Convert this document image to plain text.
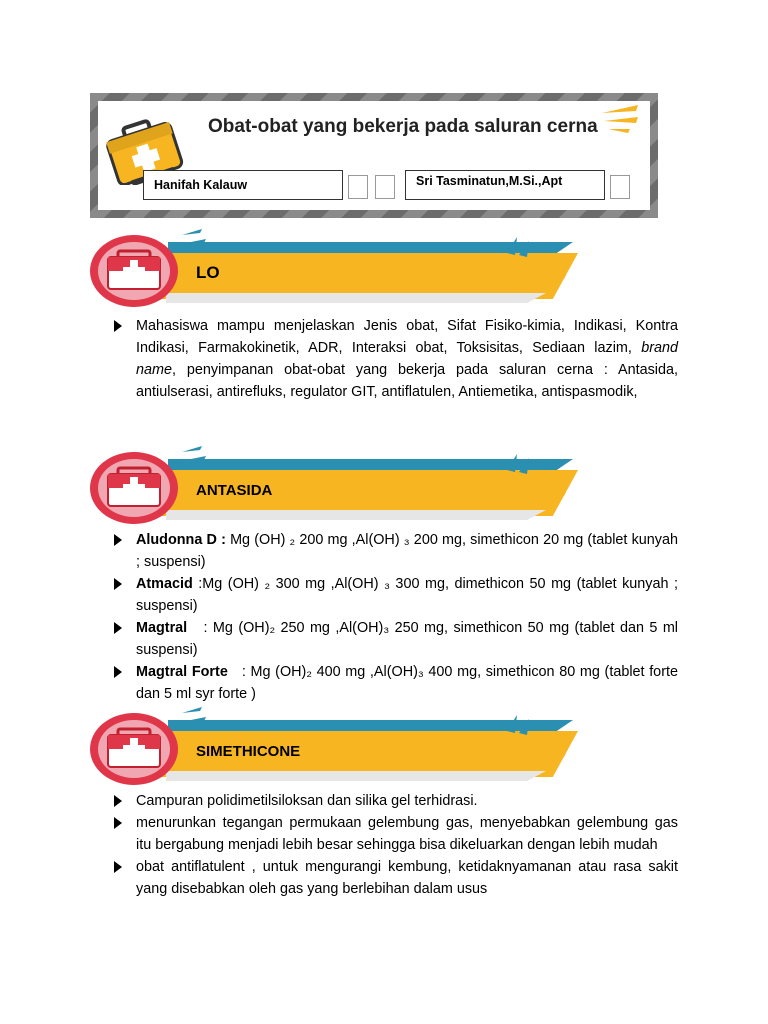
Obat-obat yang bekerja pada saluran cerna
Hanifah Kalauw	Sri Tasminatun,M.Si.,Apt
LO
Mahasiswa mampu menjelaskan Jenis obat, Sifat Fisiko-kimia, Indikasi, Kontra Indikasi, Farmakokinetik, ADR, Interaksi obat, Toksisitas, Sediaan lazim, brand name, penyimpanan obat-obat yang bekerja pada saluran cerna : Antasida, antiulserasi, antirefluks, regulator GIT, antiflatulen, Antiemetika, antispasmodik,
ANTASIDA
Aludonna D : Mg (OH) ₂ 200 mg ,Al(OH) ₃ 200 mg, simethicon 20 mg (tablet kunyah ; suspensi)
Atmacid :Mg (OH) ₂ 300 mg ,Al(OH) ₃ 300 mg, dimethicon 50 mg (tablet kunyah ; suspensi)
Magtral   : Mg (OH)₂ 250 mg ,Al(OH)₃ 250 mg, simethicon 50 mg (tablet dan 5 ml suspensi)
Magtral Forte   : Mg (OH)₂ 400 mg ,Al(OH)₃ 400 mg, simethicon 80 mg (tablet forte dan 5 ml syr forte )
SIMETHICONE
Campuran polidimetilsiloksan dan silika gel terhidrasi.
menurunkan tegangan permukaan gelembung gas, menyebabkan gelembung gas itu bergabung menjadi lebih besar sehingga bisa dikeluarkan dengan lebih mudah
obat antiflatulent , untuk mengurangi kembung, ketidaknyamanan atau rasa sakit yang disebabkan oleh gas yang berlebihan dalam usus
